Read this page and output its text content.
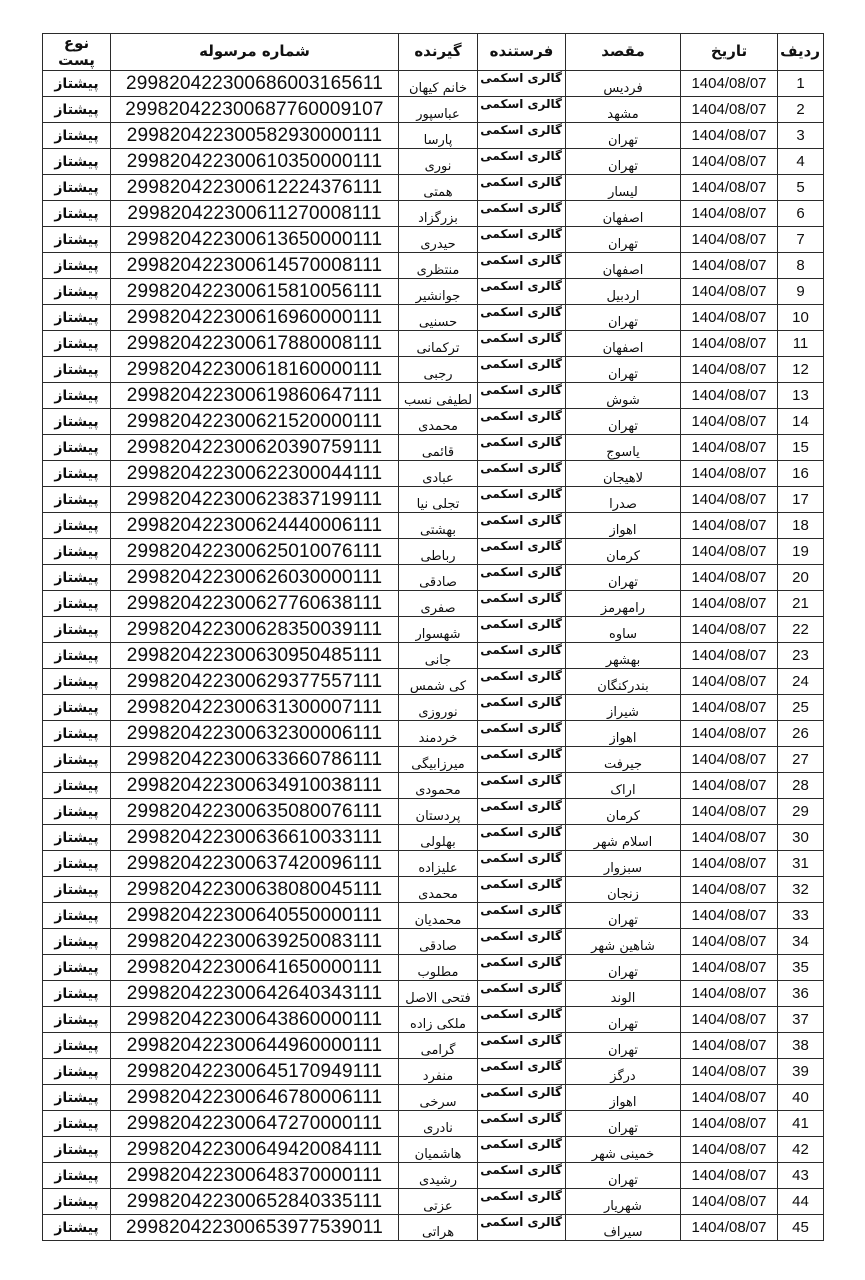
ردیف	تاریخ	مقصد	فرستنده	گیرنده	شماره مرسوله	نوع پست
1	1404/08/07	فردیس	گالری اسکمی	خانم کیهان	299820422300686003165611	پیشتاز
2	1404/08/07	مشهد	گالری اسکمی	عباسپور	299820422300687760009107	پیشتاز
3	1404/08/07	تهران	گالری اسکمی	پارسا	299820422300582930000111	پیشتاز
4	1404/08/07	تهران	گالری اسکمی	نوری	299820422300610350000111	پیشتاز
5	1404/08/07	لیسار	گالری اسکمی	همتی	299820422300612224376111	پیشتاز
6	1404/08/07	اصفهان	گالری اسکمی	بزرگزاد	299820422300611270008111	پیشتاز
7	1404/08/07	تهران	گالری اسکمی	حیدری	299820422300613650000111	پیشتاز
8	1404/08/07	اصفهان	گالری اسکمی	منتظری	299820422300614570008111	پیشتاز
9	1404/08/07	اردبیل	گالری اسکمی	جوانشیر	299820422300615810056111	پیشتاز
10	1404/08/07	تهران	گالری اسکمی	حسنیی	299820422300616960000111	پیشتاز
11	1404/08/07	اصفهان	گالری اسکمی	ترکمانی	299820422300617880008111	پیشتاز
12	1404/08/07	تهران	گالری اسکمی	رجبی	299820422300618160000111	پیشتاز
13	1404/08/07	شوش	گالری اسکمی	لطیفی نسب	299820422300619860647111	پیشتاز
14	1404/08/07	تهران	گالری اسکمی	محمدی	299820422300621520000111	پیشتاز
15	1404/08/07	یاسوج	گالری اسکمی	قائمی	299820422300620390759111	پیشتاز
16	1404/08/07	لاهیجان	گالری اسکمی	عبادی	299820422300622300044111	پیشتاز
17	1404/08/07	صدرا	گالری اسکمی	تجلی نیا	299820422300623837199111	پیشتاز
18	1404/08/07	اهواز	گالری اسکمی	بهشتی	299820422300624440006111	پیشتاز
19	1404/08/07	کرمان	گالری اسکمی	رباطی	299820422300625010076111	پیشتاز
20	1404/08/07	تهران	گالری اسکمی	صادقی	299820422300626030000111	پیشتاز
21	1404/08/07	رامهرمز	گالری اسکمی	صفری	299820422300627760638111	پیشتاز
22	1404/08/07	ساوه	گالری اسکمی	شهسوار	299820422300628350039111	پیشتاز
23	1404/08/07	بهشهر	گالری اسکمی	جانی	299820422300630950485111	پیشتاز
24	1404/08/07	بندرکنگان	گالری اسکمی	کی شمس	299820422300629377557111	پیشتاز
25	1404/08/07	شیراز	گالری اسکمی	نوروزی	299820422300631300007111	پیشتاز
26	1404/08/07	اهواز	گالری اسکمی	خردمند	299820422300632300006111	پیشتاز
27	1404/08/07	جیرفت	گالری اسکمی	میرزابیگی	299820422300633660786111	پیشتاز
28	1404/08/07	اراک	گالری اسکمی	محمودی	299820422300634910038111	پیشتاز
29	1404/08/07	کرمان	گالری اسکمی	پردستان	299820422300635080076111	پیشتاز
30	1404/08/07	اسلام شهر	گالری اسکمی	بهلولی	299820422300636610033111	پیشتاز
31	1404/08/07	سبزوار	گالری اسکمی	علیزاده	299820422300637420096111	پیشتاز
32	1404/08/07	زنجان	گالری اسکمی	محمدی	299820422300638080045111	پیشتاز
33	1404/08/07	تهران	گالری اسکمی	محمدیان	299820422300640550000111	پیشتاز
34	1404/08/07	شاهین شهر	گالری اسکمی	صادقی	299820422300639250083111	پیشتاز
35	1404/08/07	تهران	گالری اسکمی	مطلوب	299820422300641650000111	پیشتاز
36	1404/08/07	الوند	گالری اسکمی	فتحی الاصل	299820422300642640343111	پیشتاز
37	1404/08/07	تهران	گالری اسکمی	ملکی زاده	299820422300643860000111	پیشتاز
38	1404/08/07	تهران	گالری اسکمی	گرامی	299820422300644960000111	پیشتاز
39	1404/08/07	درگز	گالری اسکمی	منفرد	299820422300645170949111	پیشتاز
40	1404/08/07	اهواز	گالری اسکمی	سرخی	299820422300646780006111	پیشتاز
41	1404/08/07	تهران	گالری اسکمی	نادری	299820422300647270000111	پیشتاز
42	1404/08/07	خمینی شهر	گالری اسکمی	هاشمیان	299820422300649420084111	پیشتاز
43	1404/08/07	تهران	گالری اسکمی	رشیدی	299820422300648370000111	پیشتاز
44	1404/08/07	شهریار	گالری اسکمی	عزتی	299820422300652840335111	پیشتاز
45	1404/08/07	سیراف	گالری اسکمی	هراتی	299820422300653977539011	پیشتاز
